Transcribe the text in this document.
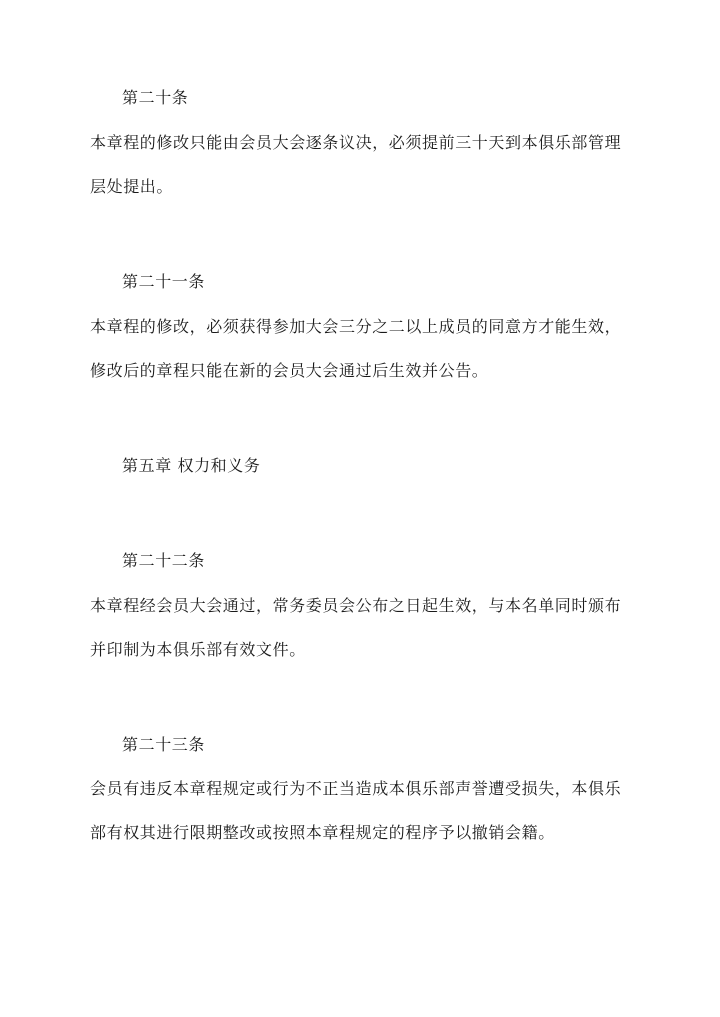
第二十条

本章程的修改只能由会员大会逐条议决，必须提前三十天到本俱乐部管理

层处提出。

第二十一条

本章程的修改，必须获得参加大会三分之二以上成员的同意方才能生效，

修改后的章程只能在新的会员大会通过后生效并公告。

第五章 权力和义务

第二十二条

本章程经会员大会通过，常务委员会公布之日起生效，与本名单同时颁布

并印制为本俱乐部有效文件。

第二十三条

会员有违反本章程规定或行为不正当造成本俱乐部声誉遭受损失，本俱乐

部有权其进行限期整改或按照本章程规定的程序予以撤销会籍。
